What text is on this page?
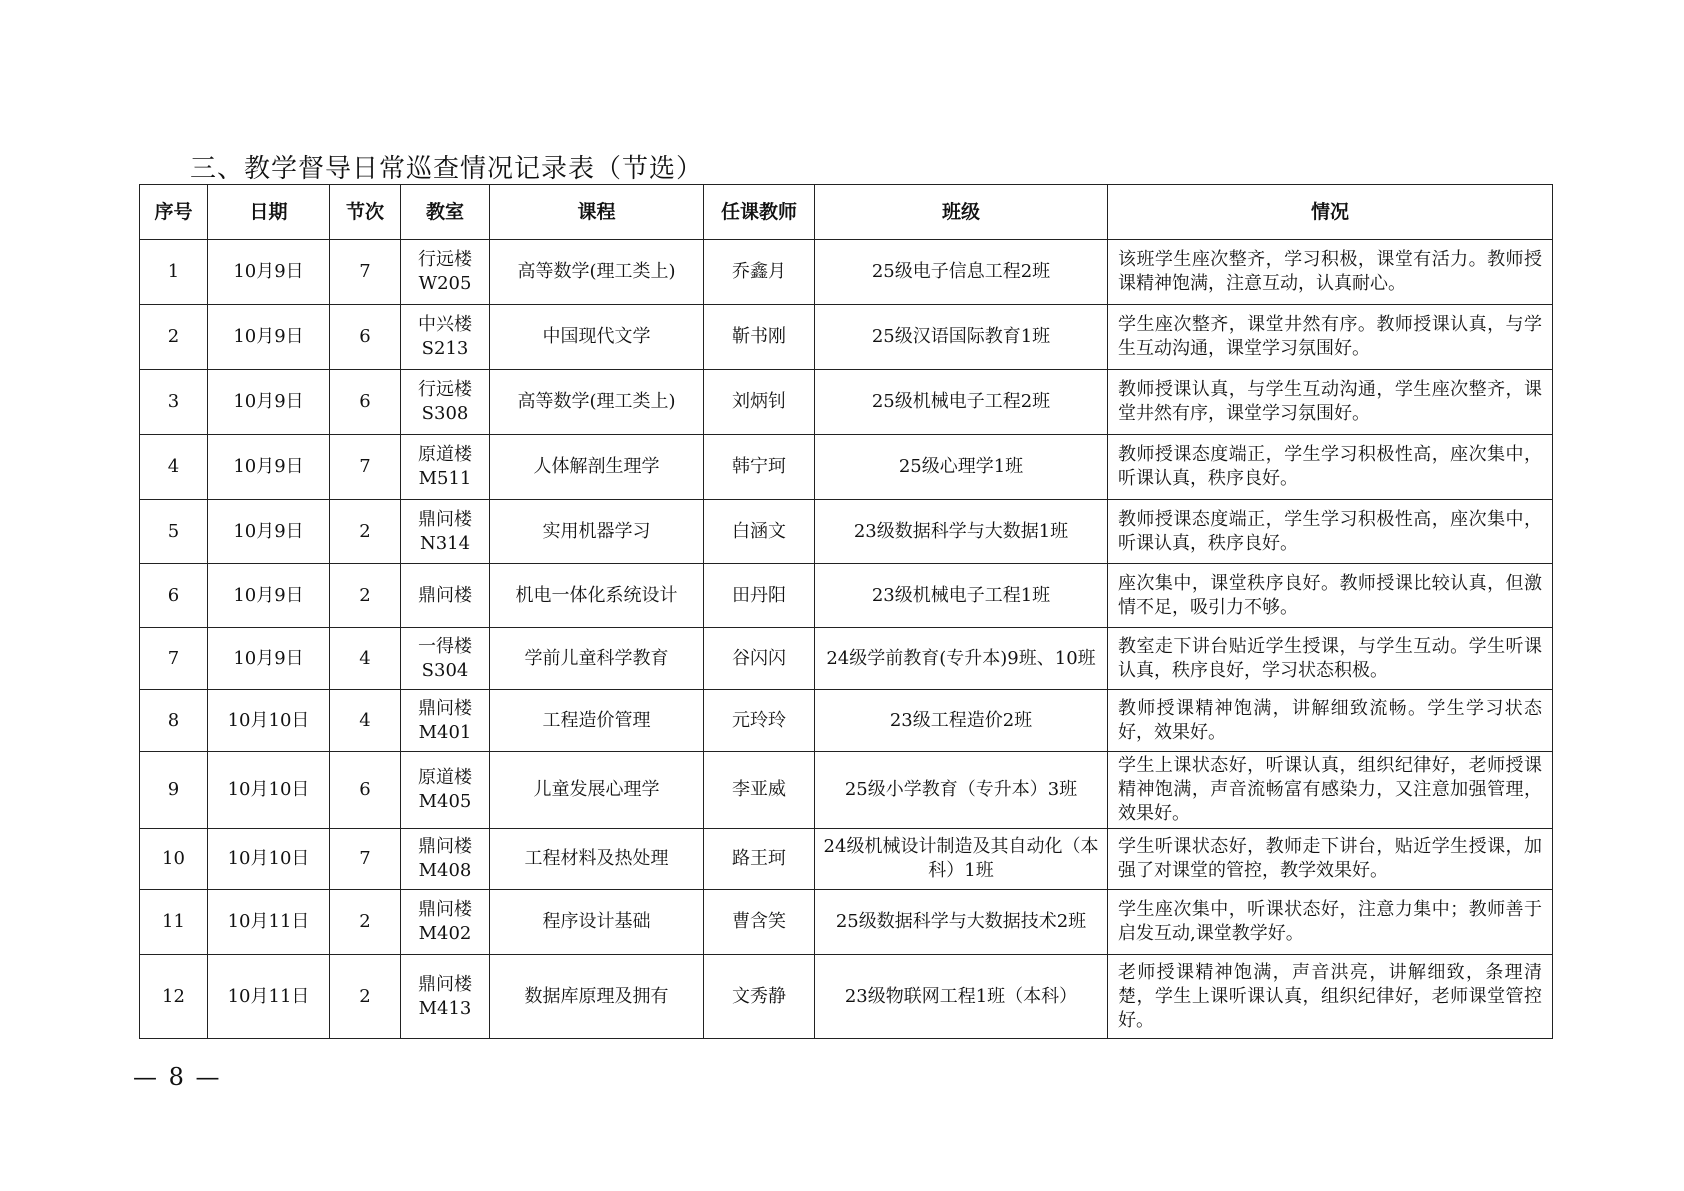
三、教学督导日常巡查情况记录表（节选）
序号	日期	节次	教室	课程	任课教师	班级	情况
1	10月9日	7	行远楼W205	高等数学(理工类上)	乔鑫月	25级电子信息工程2班	该班学生座次整齐，学习积极，课堂有活力。教师授课精神饱满，注意互动，认真耐心。
2	10月9日	6	中兴楼S213	中国现代文学	靳书刚	25级汉语国际教育1班	学生座次整齐，课堂井然有序。教师授课认真，与学生互动沟通，课堂学习氛围好。
3	10月9日	6	行远楼S308	高等数学(理工类上)	刘炳钊	25级机械电子工程2班	教师授课认真，与学生互动沟通，学生座次整齐，课堂井然有序，课堂学习氛围好。
4	10月9日	7	原道楼M511	人体解剖生理学	韩宁珂	25级心理学1班	教师授课态度端正，学生学习积极性高，座次集中，听课认真，秩序良好。
5	10月9日	2	鼎问楼N314	实用机器学习	白涵文	23级数据科学与大数据1班	教师授课态度端正，学生学习积极性高，座次集中，听课认真，秩序良好。
6	10月9日	2	鼎问楼	机电一体化系统设计	田丹阳	23级机械电子工程1班	座次集中，课堂秩序良好。教师授课比较认真，但激情不足，吸引力不够。
7	10月9日	4	一得楼S304	学前儿童科学教育	谷闪闪	24级学前教育(专升本)9班、10班	教室走下讲台贴近学生授课，与学生互动。学生听课认真，秩序良好，学习状态积极。
8	10月10日	4	鼎问楼M401	工程造价管理	元玲玲	23级工程造价2班	教师授课精神饱满，讲解细致流畅。学生学习状态好，效果好。
9	10月10日	6	原道楼M405	儿童发展心理学	李亚威	25级小学教育（专升本）3班	学生上课状态好，听课认真，组织纪律好，老师授课精神饱满，声音流畅富有感染力，又注意加强管理，效果好。
10	10月10日	7	鼎问楼M408	工程材料及热处理	路王珂	24级机械设计制造及其自动化（本科）1班	学生听课状态好，教师走下讲台，贴近学生授课，加强了对课堂的管控，教学效果好。
11	10月11日	2	鼎问楼M402	程序设计基础	曹含笑	25级数据科学与大数据技术2班	学生座次集中，听课状态好，注意力集中；教师善于启发互动,课堂教学好。
12	10月11日	2	鼎问楼M413	数据库原理及拥有	文秀静	23级物联网工程1班（本科）	老师授课精神饱满，声音洪亮，讲解细致，条理清楚，学生上课听课认真，组织纪律好，老师课堂管控好。
— 8 —
